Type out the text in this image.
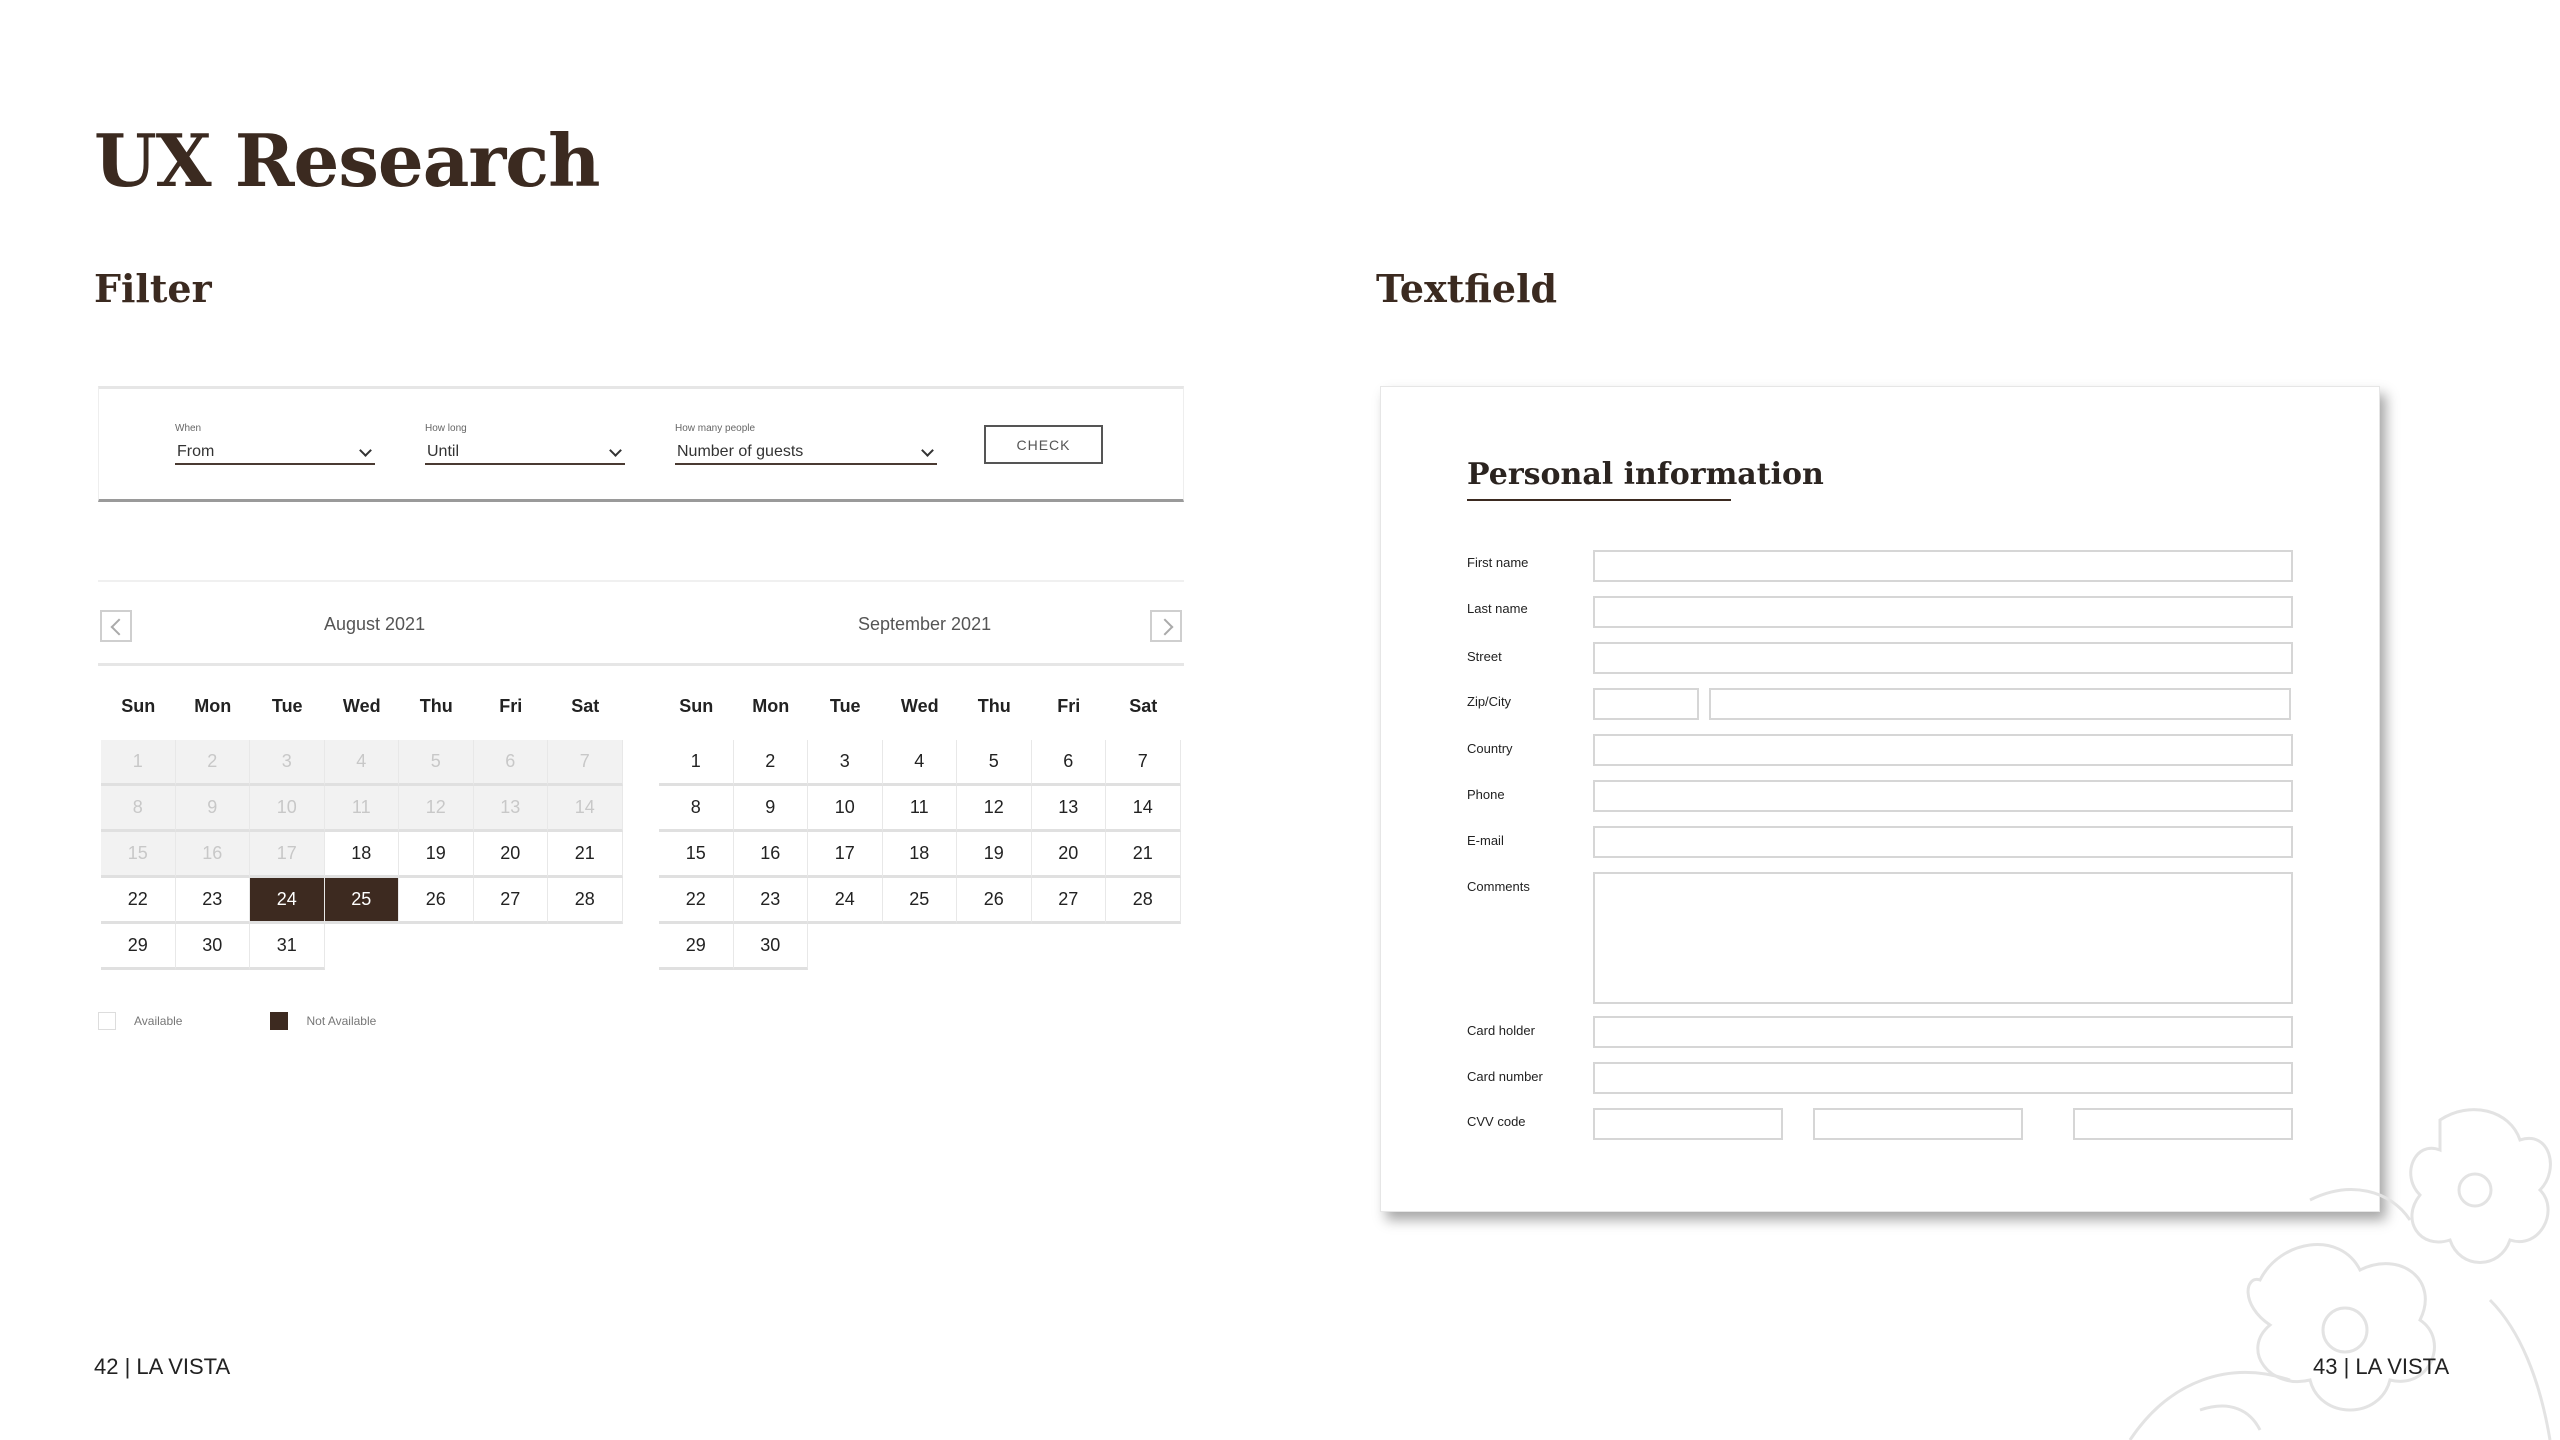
UX Research
Filter	Textfield
When
From
How long
Until
How many people
Number of guests	CHECK
August 2021	September 2021
Sun	Mon	Tue	Wed	Thu	Fri	Sat	Sun	Mon	Tue	Wed	Thu	Fri	Sat
1	2	3	4	5	6	7
8	9	10	11	12	13	14
15	16	17	18	19	20	21
22	23	24	25	26	27	28
29	30	31
1	2	3	4	5	6	7
8	9	10	11	12	13	14
15	16	17	18	19	20	21
22	23	24	25	26	27	28
29	30
Available	Not Available
Personal information
First name
Last name
Street
Zip/City
Country
Phone
E-mail
Comments
Card holder
Card number
CVV code
42 | LA VISTA	43 | LA VISTA
